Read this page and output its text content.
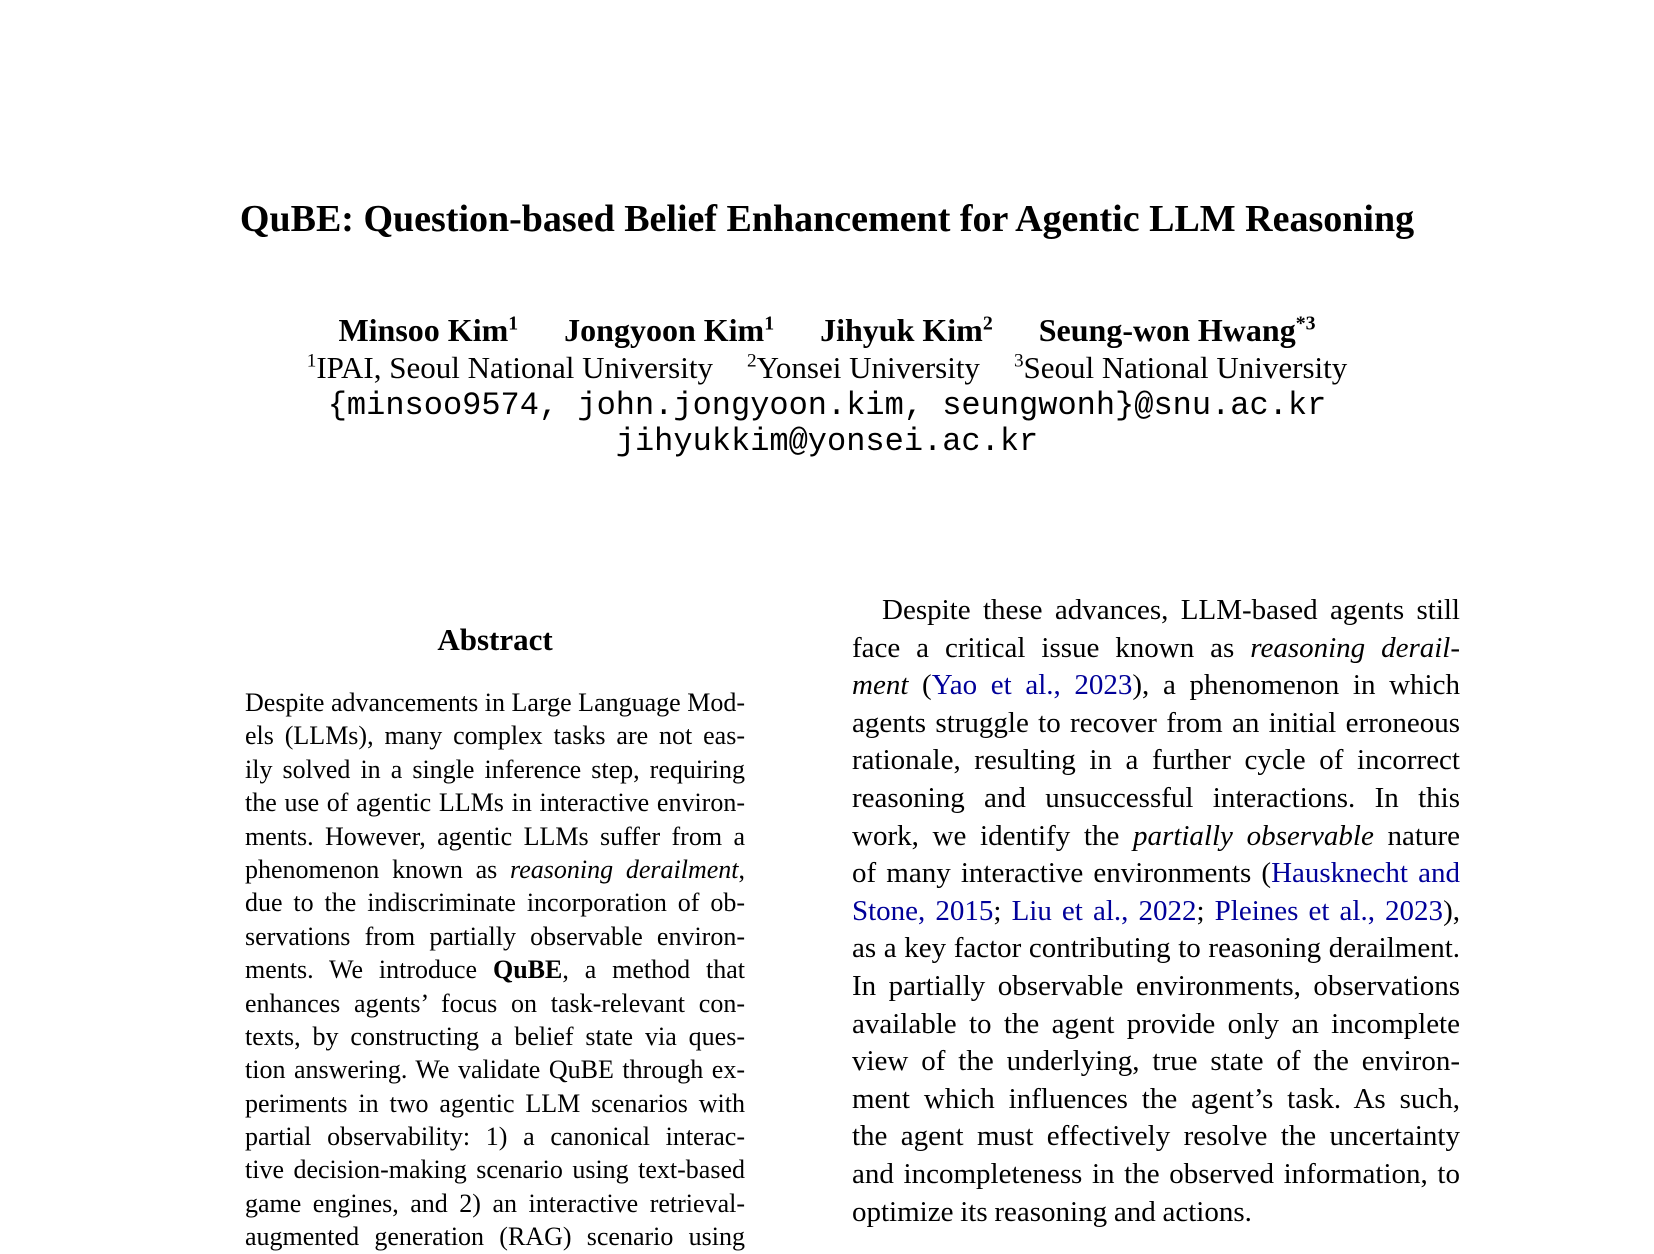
QuBE: Question-based Belief Enhancement for Agentic LLM Reasoning
Minsoo Kim$^1$ Jongyoon Kim$^1$ Jihyuk Kim$^2$ Seung-won Hwang$^{*3}$
$^1$IPAI, Seoul National University $^2$Yonsei University $^3$Seoul National University
{minsoo9574, john.jongyoon.kim, seungwonh}@snu.ac.kr
jihyukkim@yonsei.ac.kr
Abstract
Despite advancements in Large Language Mod-
els (LLMs), many complex tasks are not eas-
ily solved in a single inference step, requiring
the use of agentic LLMs in interactive environ-
ments. However, agentic LLMs suffer from a
phenomenon known as reasoning derailment,
due to the indiscriminate incorporation of ob-
servations from partially observable environ-
ments. We introduce QuBE, a method that
enhances agents’ focus on task-relevant con-
texts, by constructing a belief state via ques-
tion answering. We validate QuBE through ex-
periments in two agentic LLM scenarios with
partial observability: 1) a canonical interac-
tive decision-making scenario using text-based
game engines, and 2) an interactive retrieval-
augmented generation (RAG) scenario using
Despite these advances, LLM-based agents still
face a critical issue known as reasoning derail-
ment (Yao et al., 2023), a phenomenon in which
agents struggle to recover from an initial erroneous
rationale, resulting in a further cycle of incorrect
reasoning and unsuccessful interactions. In this
work, we identify the partially observable nature
of many interactive environments (Hausknecht and
Stone, 2015; Liu et al., 2022; Pleines et al., 2023),
as a key factor contributing to reasoning derailment.
In partially observable environments, observations
available to the agent provide only an incomplete
view of the underlying, true state of the environ-
ment which influences the agent’s task. As such,
the agent must effectively resolve the uncertainty
and incompleteness in the observed information, to
optimize its reasoning and actions.
